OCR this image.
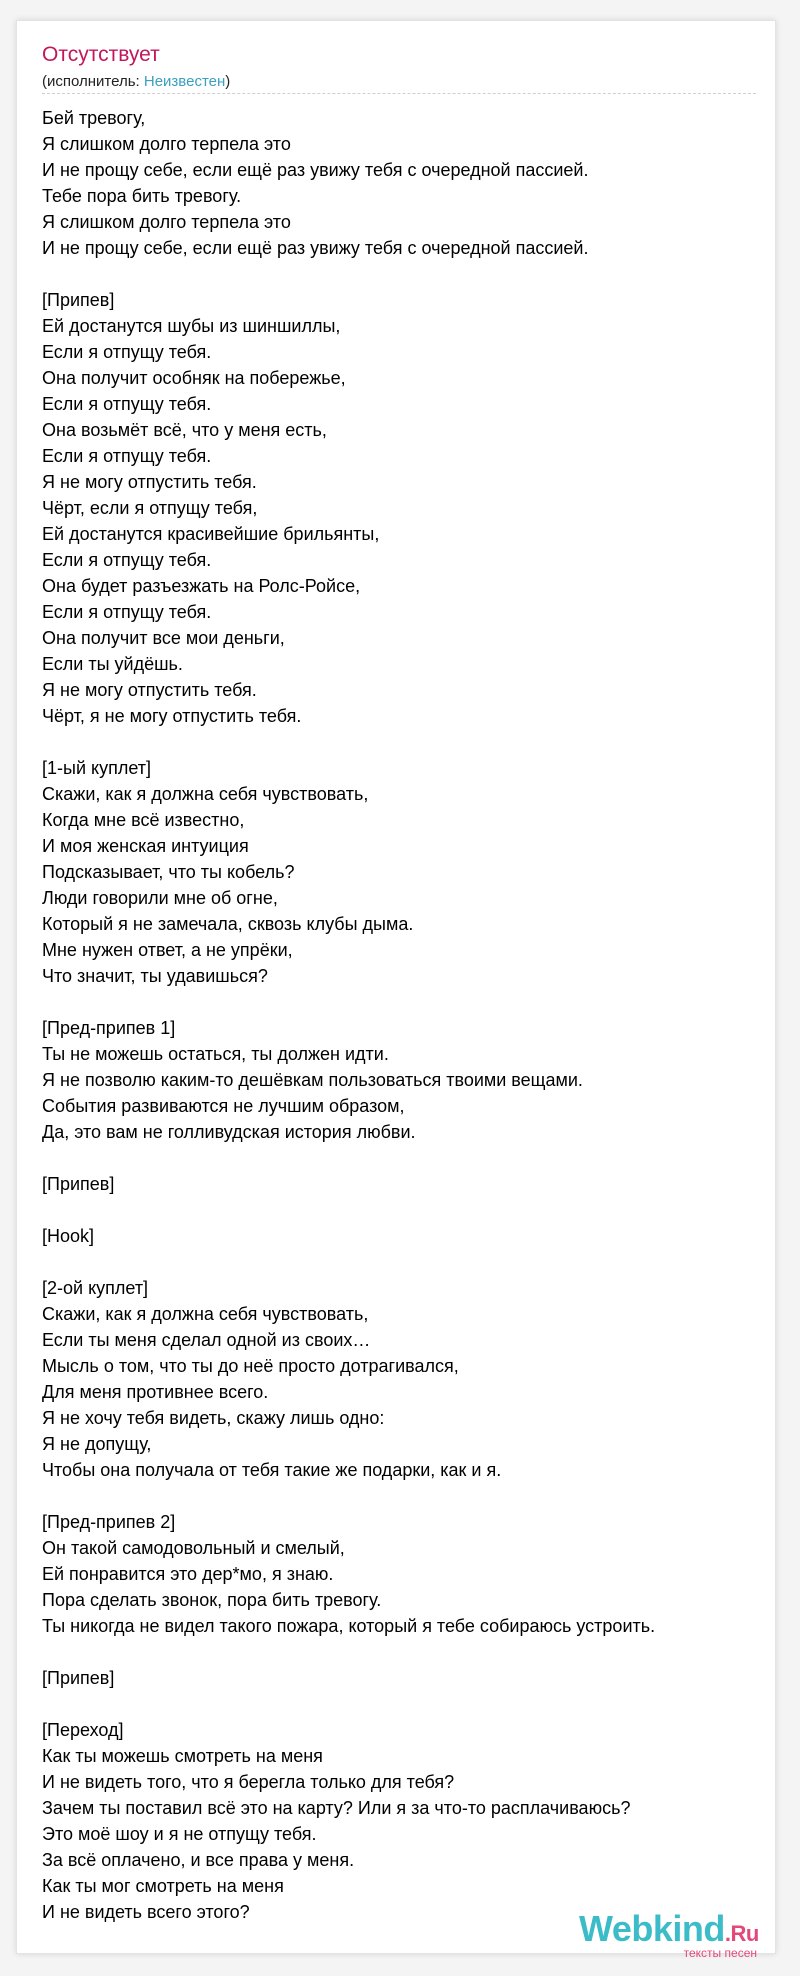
Отсутствует
(исполнитель: Неизвестен)
Бей тревогу,
Я слишком долго терпела это
И не прощу себе, если ещё раз увижу тебя с очередной пассией.
Тебе пора бить тревогу.
Я слишком долго терпела это
И не прощу себе, если ещё раз увижу тебя с очередной пассией.
[Припев]
Ей достанутся шубы из шиншиллы,
Если я отпущу тебя.
Она получит особняк на побережье,
Если я отпущу тебя.
Она возьмёт всё, что у меня есть,
Если я отпущу тебя.
Я не могу отпустить тебя.
Чёрт, если я отпущу тебя,
Ей достанутся красивейшие брильянты,
Если я отпущу тебя.
Она будет разъезжать на Ролс-Ройсе,
Если я отпущу тебя.
Она получит все мои деньги,
Если ты уйдёшь.
Я не могу отпустить тебя.
Чёрт, я не могу отпустить тебя.
[1-ый куплет]
Скажи, как я должна себя чувствовать,
Когда мне всё известно,
И моя женская интуиция
Подсказывает, что ты кобель?
Люди говорили мне об огне,
Который я не замечала, сквозь клубы дыма.
Мне нужен ответ, а не упрёки,
Что значит, ты удавишься?
[Пред-припев 1]
Ты не можешь остаться, ты должен идти.
Я не позволю каким-то дешёвкам пользоваться твоими вещами.
События развиваются не лучшим образом,
Да, это вам не голливудская история любви.
[Припев]
[Hook]
[2-ой куплет]
Скажи, как я должна себя чувствовать,
Если ты меня сделал одной из своих…
Мысль о том, что ты до неё просто дотрагивался,
Для меня противнее всего.
Я не хочу тебя видеть, скажу лишь одно:
Я не допущу,
Чтобы она получала от тебя такие же подарки, как и я.
[Пред-припев 2]
Он такой самодовольный и смелый,
Ей понравится это дер*мо, я знаю.
Пора сделать звонок, пора бить тревогу.
Ты никогда не видел такого пожара, который я тебе собираюсь устроить.
[Припев]
[Переход]
Как ты можешь смотреть на меня
И не видеть того, что я берегла только для тебя?
Зачем ты поставил всё это на карту? Или я за что-то расплачиваюсь?
Это моё шоу и я не отпущу тебя.
За всё оплачено, и все права у меня.
Как ты мог смотреть на меня
И не видеть всего этого?	Webkind.Ru
тексты песен
